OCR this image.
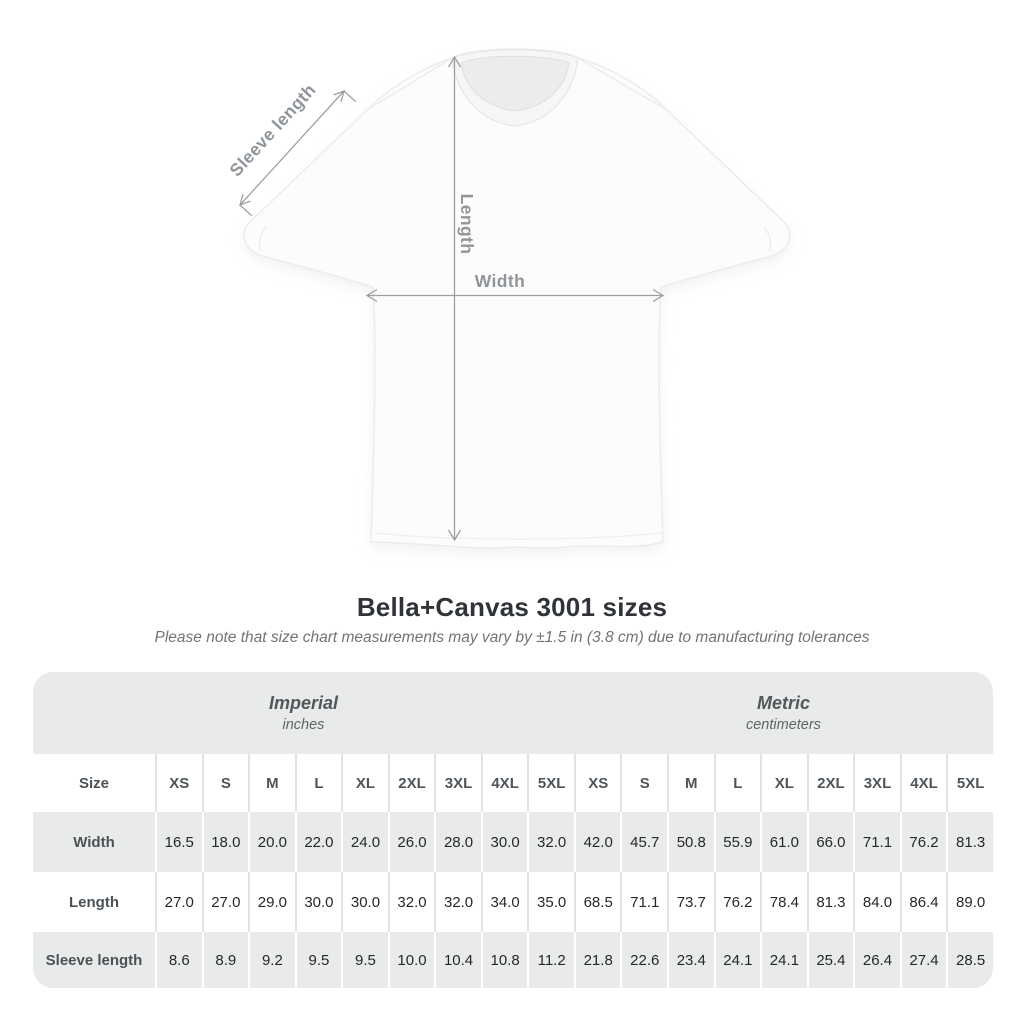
Length
Width
Sleeve length
Bella+Canvas 3001 sizes
Please note that size chart measurements may vary by ±1.5 in (3.8 cm) due to manufacturing tolerances
Imperial
inches

Metric
centimeters

Size	XS	S	M	L	XL	2XL	3XL	4XL	5XL	XS	S	M	L	XL	2XL	3XL	4XL	5XL
Width	16.5	18.0	20.0	22.0	24.0	26.0	28.0	30.0	32.0	42.0	45.7	50.8	55.9	61.0	66.0	71.1	76.2	81.3
Length	27.0	27.0	29.0	30.0	30.0	32.0	32.0	34.0	35.0	68.5	71.1	73.7	76.2	78.4	81.3	84.0	86.4	89.0
Sleeve length	8.6	8.9	9.2	9.5	9.5	10.0	10.4	10.8	11.2	21.8	22.6	23.4	24.1	24.1	25.4	26.4	27.4	28.5
